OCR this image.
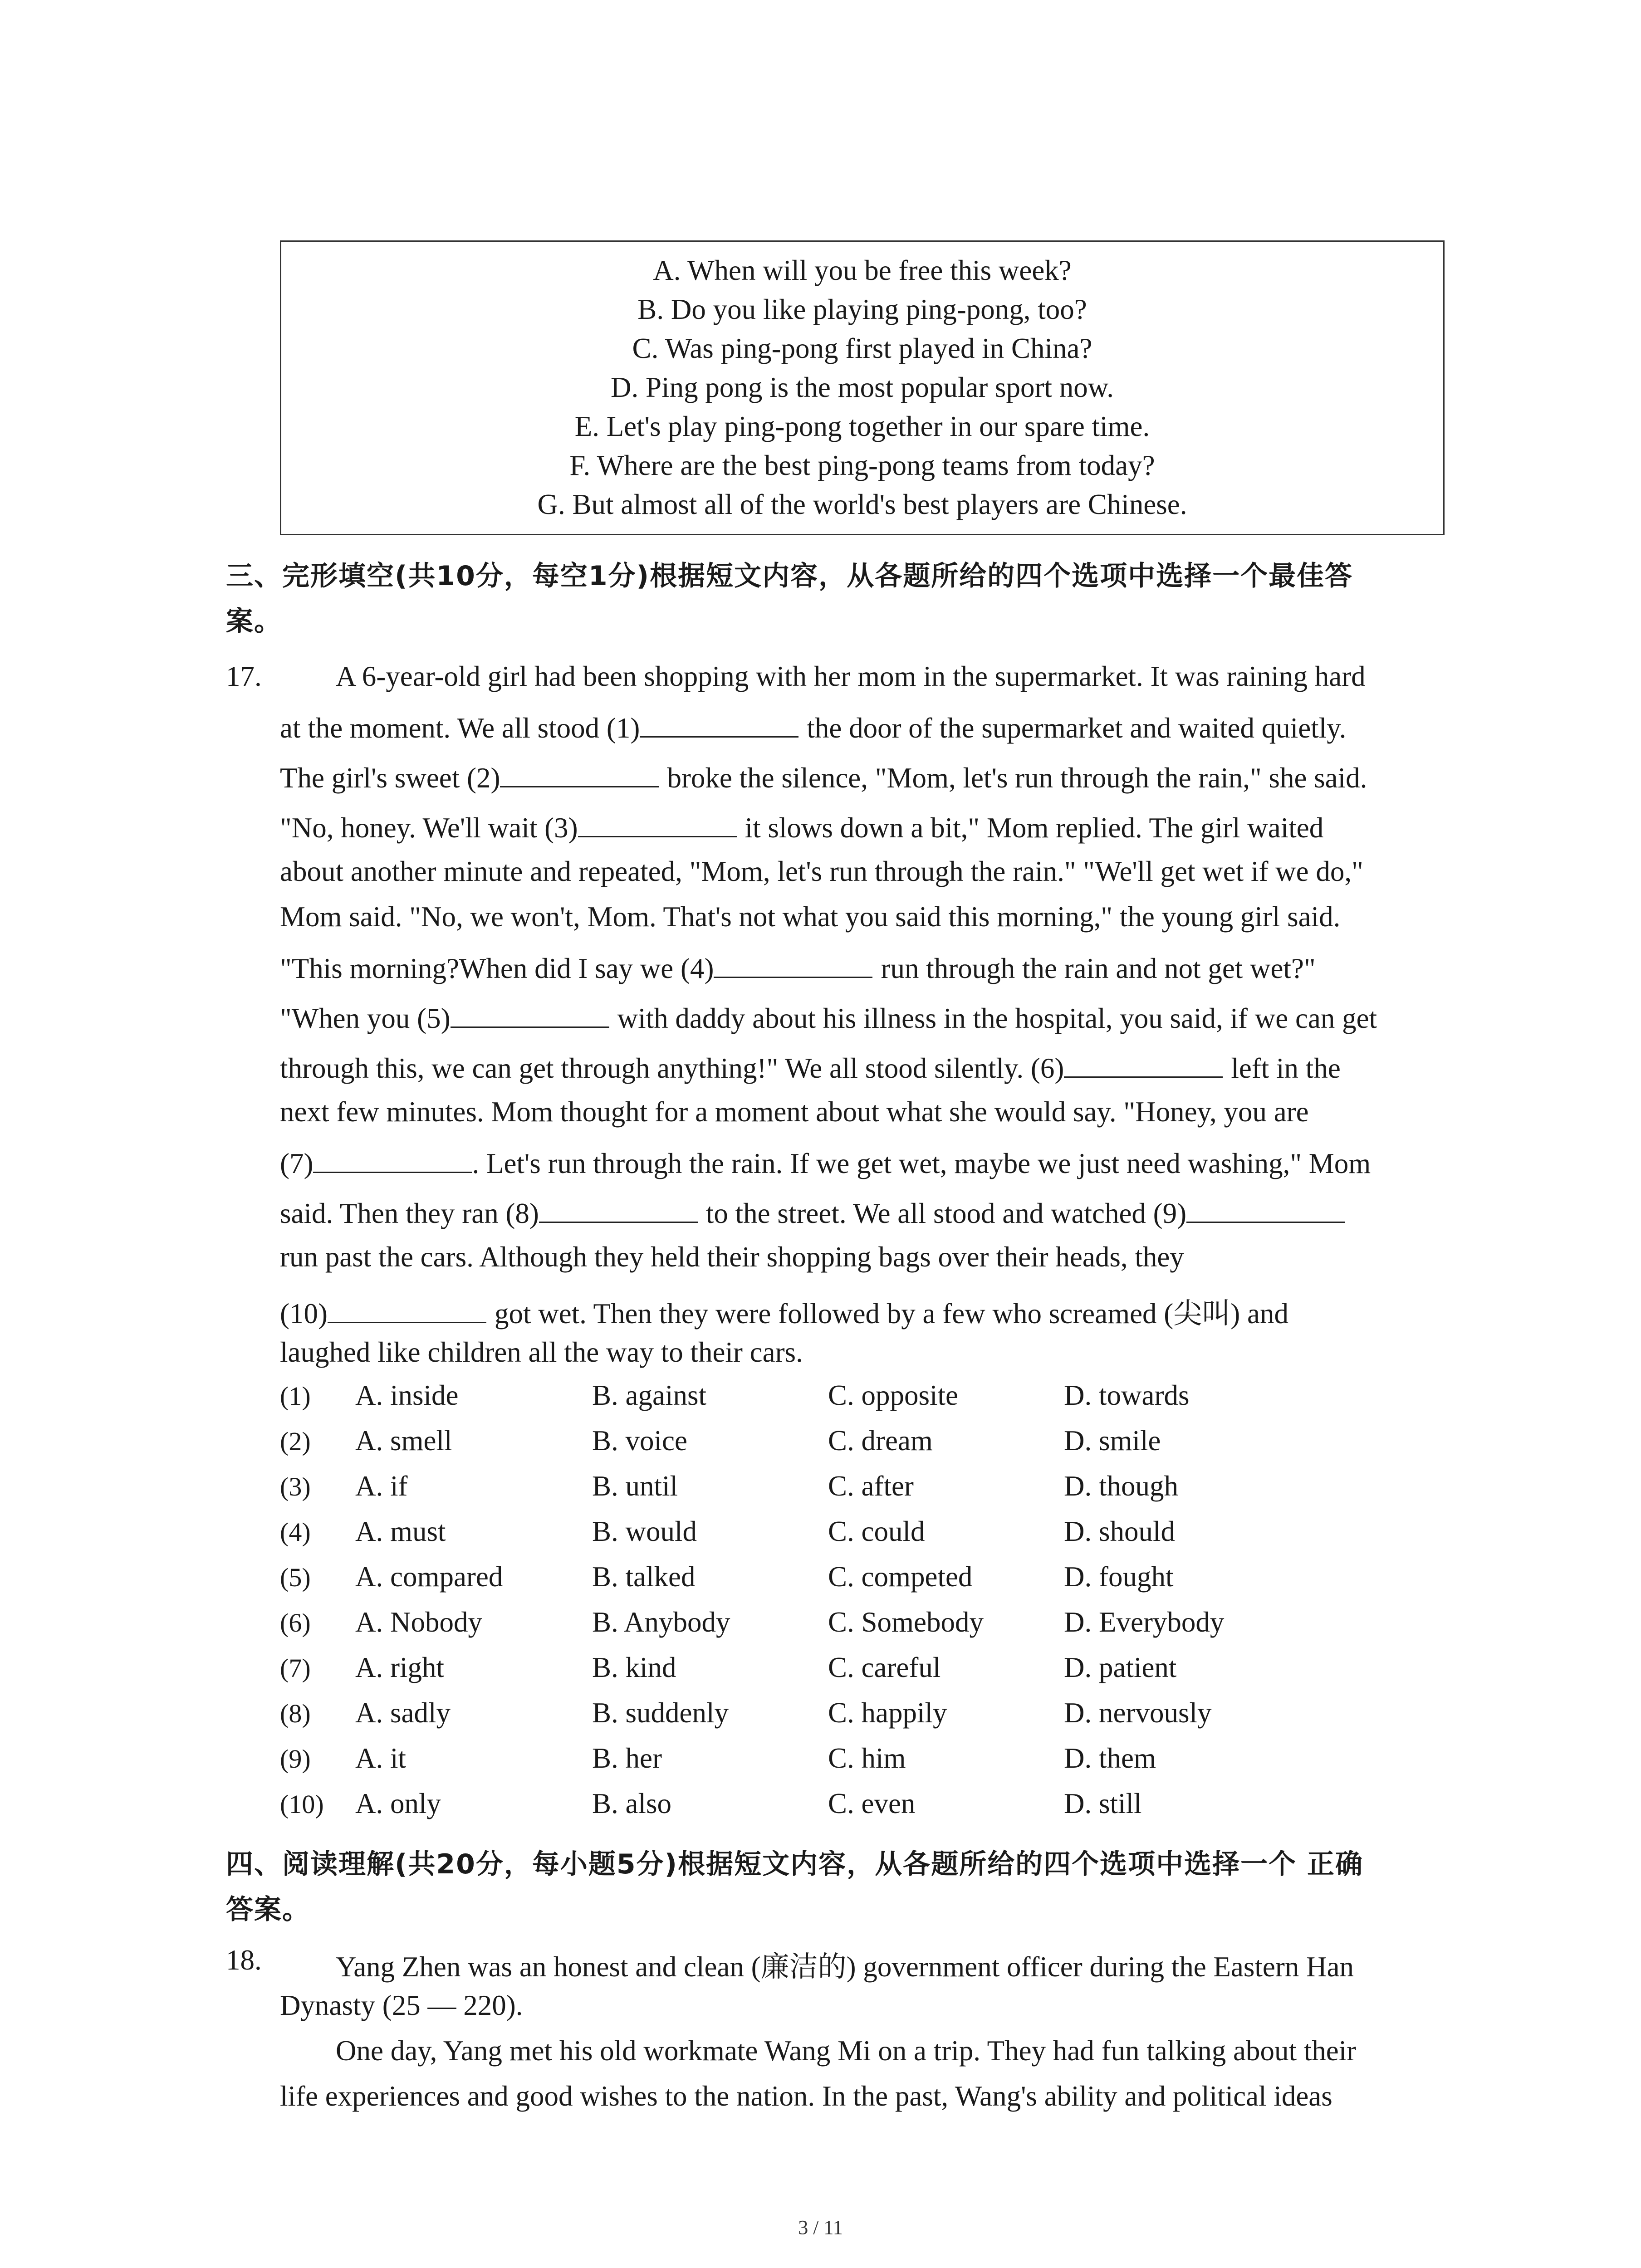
A. When will you be free this week?
B. Do you like playing ping-pong, too?
C. Was ping-pong first played in China?
D. Ping pong is the most popular sport now.
E. Let's play ping-pong together in our spare time.
F. Where are the best ping-pong teams from today?
G. But almost all of the world's best players are Chinese.
三、完形填空(共10分，每空1分)根据短文内容，从各题所给的四个选项中选择一个最佳答
案。
17.	A 6-year-old girl had been shopping with her mom in the supermarket. It was raining hard
at the moment. We all stood (1)	the door of the supermarket and waited quietly.
The girl's sweet (2)	broke the silence, "Mom, let's run through the rain," she said.
"No, honey. We'll wait (3)	it slows down a bit," Mom replied. The girl waited
about another minute and repeated, "Mom, let's run through the rain." "We'll get wet if we do,"
Mom said. "No, we won't, Mom. That's not what you said this morning," the young girl said.
"This morning?When did I say we (4)	run through the rain and not get wet?"
"When you (5)	with daddy about his illness in the hospital, you said, if we can get
through this, we can get through anything!" We all stood silently. (6)	left in the
next few minutes. Mom thought for a moment about what she would say. "Honey, you are
(7)	. Let's run through the rain. If we get wet, maybe we just need washing," Mom
said. Then they ran (8)	to the street. We all stood and watched (9)
run past the cars. Although they held their shopping bags over their heads, they
(10)	got wet. Then they were followed by a few who screamed (尖叫) and
laughed like children all the way to their cars.
(1) A. inside	B. against	C. opposite	D. towards
(2) A. smell	B. voice	C. dream	D. smile
(3) A. if	B. until	C. after	D. though
(4) A. must	B. would	C. could	D. should
(5) A. compared	B. talked	C. competed	D. fought
(6) A. Nobody	B. Anybody	C. Somebody	D. Everybody
(7) A. right	B. kind	C. careful	D. patient
(8) A. sadly	B. suddenly	C. happily	D. nervously
(9) A. it	B. her	C. him	D. them
(10) A. only	B. also	C. even	D. still
四、阅读理解(共20分，每小题5分)根据短文内容，从各题所给的四个选项中选择一个 正确
答案。
18.	Yang Zhen was an honest and clean (廉洁的) government officer during the Eastern Han
Dynasty (25 — 220).
One day, Yang met his old workmate Wang Mi on a trip. They had fun talking about their
life experiences and good wishes to the nation. In the past, Wang's ability and political ideas
3 / 11
